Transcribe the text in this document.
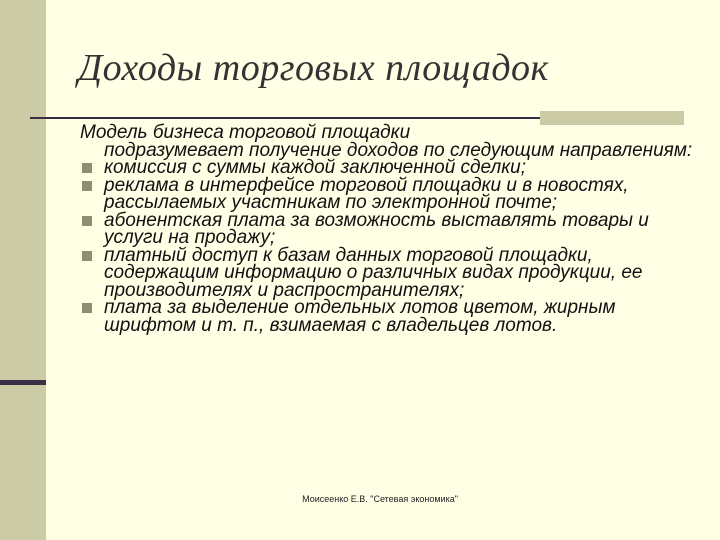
Доходы торговых площадок
Модель бизнеса торговой площадки
подразумевает получение доходов по следующим направлениям:
комиссия с суммы каждой заключенной сделки;
реклама в интерфейсе торговой площадки и в новостях, рассылаемых участникам по электронной почте;
абонентская плата за возможность выставлять товары и услуги на продажу;
платный доступ к базам данных торговой площадки, содержащим информацию о различных видах продукции, ее производителях и распространителях;
плата за выделение отдельных лотов цветом, жирным шрифтом и т. п., взимаемая с владельцев лотов.
Моисеенко Е.В. "Сетевая экономика"
